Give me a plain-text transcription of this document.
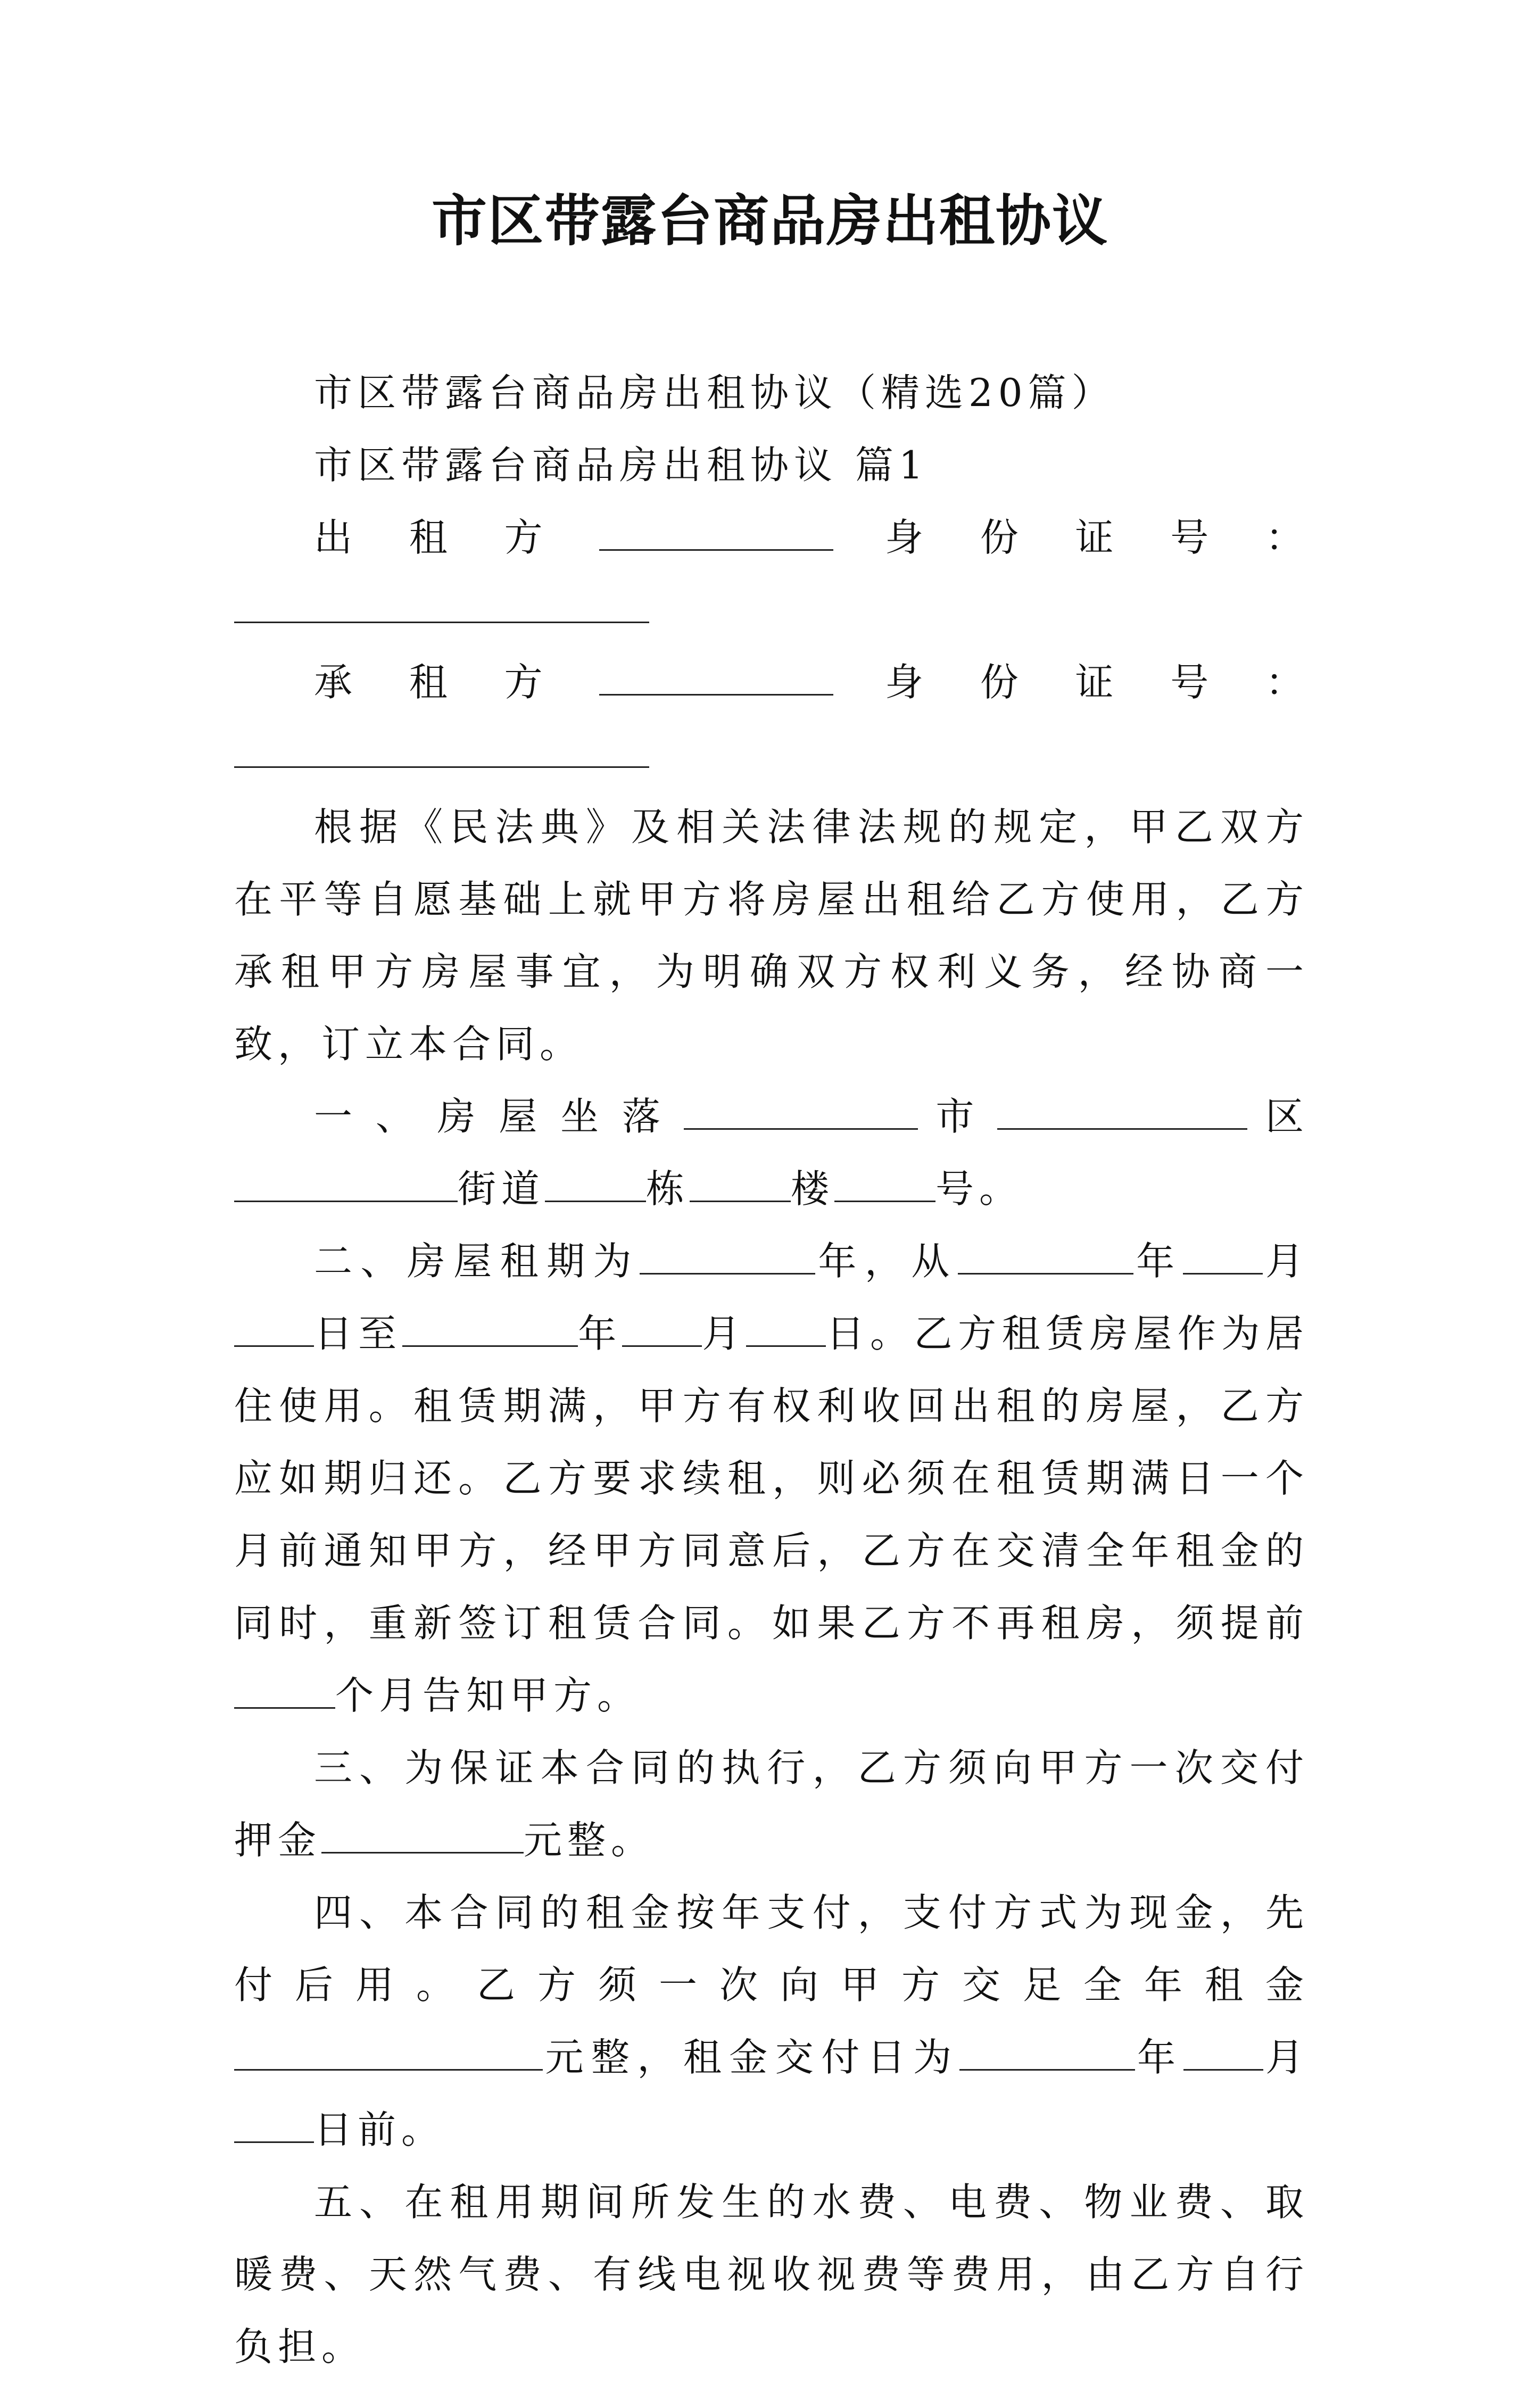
市区带露台商品房出租协议

市区带露台商品房出租协议（精选20篇）

市区带露台商品房出租协议 篇1

出租方	身份证号：

承租方	身份证号：

根据《民法典》及相关法律法规的规定，甲乙双方在平等自愿基础上就甲方将房屋出租给乙方使用，乙方承租甲方房屋事宜，为明确双方权利义务，经协商一致，订立本合同。

一、房屋坐落	市	区街道	栋	楼	号。

二、房屋租期为	年，从	年 月日至	年 月 日。乙方租赁房屋作为居住使用。租赁期满，甲方有权利收回出租的房屋，乙方应如期归还。乙方要求续租，则必须在租赁期满日一个月前通知甲方，经甲方同意后，乙方在交清全年租金的同时，重新签订租赁合同。如果乙方不再租房，须提前个月告知甲方。

三、为保证本合同的执行，乙方须向甲方一次交付押金	元整。

四、本合同的租金按年支付，支付方式为现金，先付后用。乙方须一次向甲方交足全年租金元整，租金交付日为	年 月日前。

五、在租用期间所发生的水费、电费、物业费、取暖费、天然气费、有线电视收视费等费用，由乙方自行负担。
